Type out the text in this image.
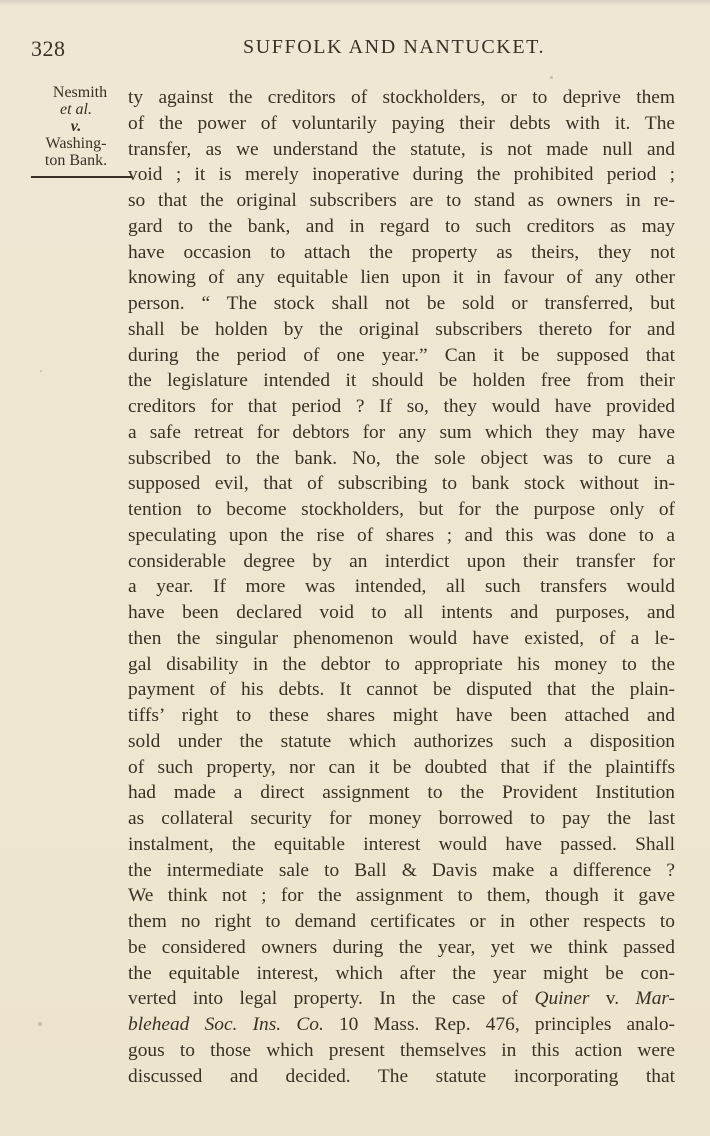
328	SUFFOLK AND NANTUCKET.
Nesmith
et al.
v.
Washing-
ton Bank.
ty against the creditors of stockholders, or to deprive them
of the power of voluntarily paying their debts with it. The
transfer, as we understand the statute, is not made null and
void ; it is merely inoperative during the prohibited period ;
so that the original subscribers are to stand as owners in re-
gard to the bank, and in regard to such creditors as may
have occasion to attach the property as theirs, they not
knowing of any equitable lien upon it in favour of any other
person. “ The stock shall not be sold or transferred, but
shall be holden by the original subscribers thereto for and
during the period of one year.” Can it be supposed that
the legislature intended it should be holden free from their
creditors for that period ? If so, they would have provided
a safe retreat for debtors for any sum which they may have
subscribed to the bank. No, the sole object was to cure a
supposed evil, that of subscribing to bank stock without in-
tention to become stockholders, but for the purpose only of
speculating upon the rise of shares ; and this was done to a
considerable degree by an interdict upon their transfer for
a year. If more was intended, all such transfers would
have been declared void to all intents and purposes, and
then the singular phenomenon would have existed, of a le-
gal disability in the debtor to appropriate his money to the
payment of his debts. It cannot be disputed that the plain-
tiffs’ right to these shares might have been attached and
sold under the statute which authorizes such a disposition
of such property, nor can it be doubted that if the plaintiffs
had made a direct assignment to the Provident Institution
as collateral security for money borrowed to pay the last
instalment, the equitable interest would have passed. Shall
the intermediate sale to Ball & Davis make a difference ?
We think not ; for the assignment to them, though it gave
them no right to demand certificates or in other respects to
be considered owners during the year, yet we think passed
the equitable interest, which after the year might be con-
verted into legal property. In the case of Quiner v. Mar-
blehead Soc. Ins. Co. 10 Mass. Rep. 476, principles analo-
gous to those which present themselves in this action were
discussed and decided. The statute incorporating that
